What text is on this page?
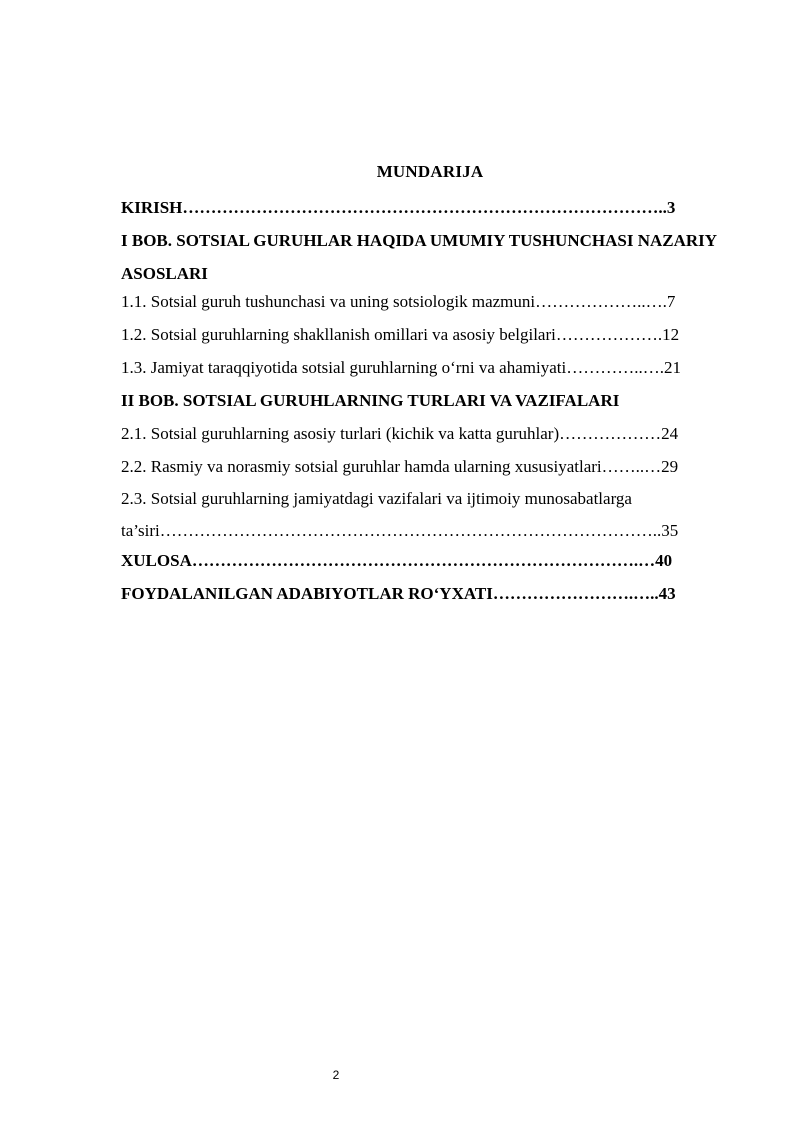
MUNDARIJA
KIRISH…………………………………………………………………………..3
I BOB. SOTSIAL GURUHLAR HAQIDA UMUMIY TUSHUNCHASI NAZARIY ASOSLARI
1.1. Sotsial guruh tushunchasi va uning sotsiologik mazmuni………………..….7
1.2. Sotsial guruhlarning shakllanish omillari va asosiy belgilari……………….12
1.3. Jamiyat taraqqiyotida sotsial guruhlarning o‘rni va ahamiyati…………..….21
II BOB. SOTSIAL GURUHLARNING TURLARI VA VAZIFALARI
2.1. Sotsial guruhlarning asosiy turlari (kichik va katta guruhlar)………………24
2.2. Rasmiy va norasmiy sotsial guruhlar hamda ularning xususiyatlari……..…29
2.3. Sotsial guruhlarning jamiyatdagi vazifalari va ijtimoiy munosabatlarga ta’siri……………………………………………………………………………..35
XULOSA…………………………………………………………………….…40
FOYDALANILGAN ADABIYOTLAR RO‘YXATI…………………….…..43
2
